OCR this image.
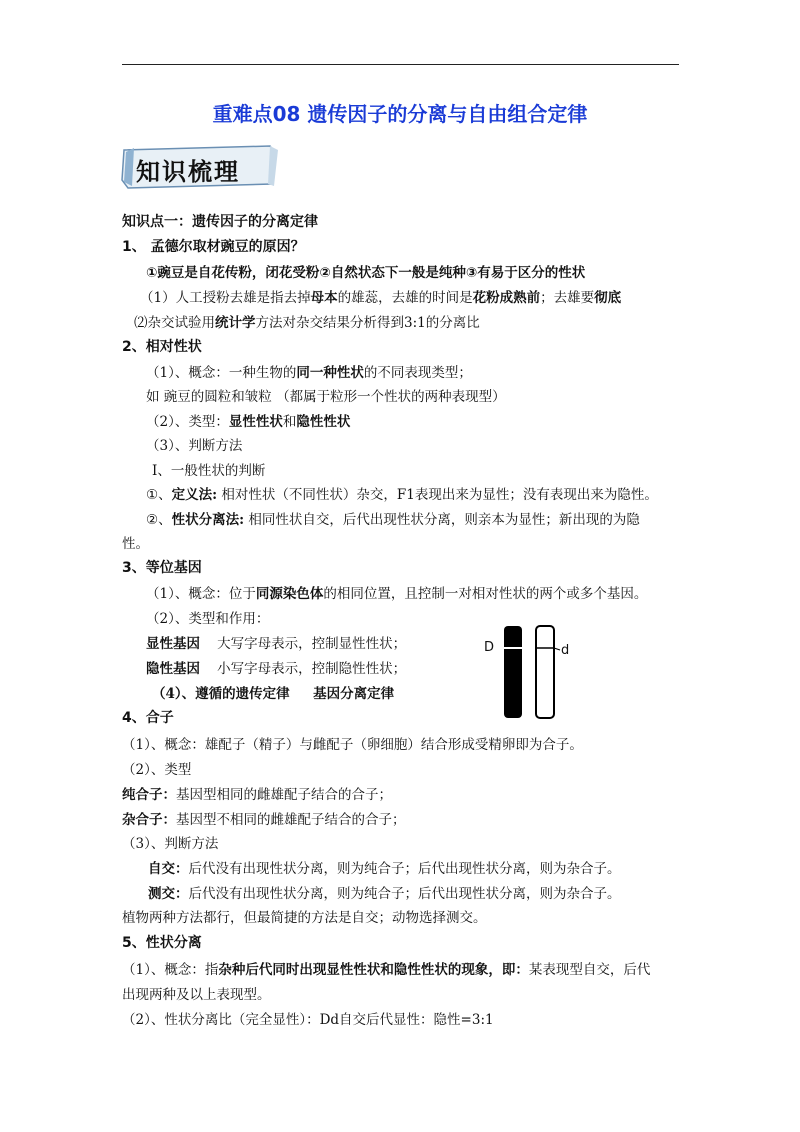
重难点08 遗传因子的分离与自由组合定律
知识梳理
知识点一：遗传因子的分离定律
1、 孟德尔取材豌豆的原因？
①豌豆是自花传粉，闭花受粉②自然状态下一般是纯种③有易于区分的性状
（1）人工授粉去雄是指去掉母本的雄蕊，去雄的时间是花粉成熟前；去雄要彻底
⑵杂交试验用统计学方法对杂交结果分析得到3:1的分离比
2、相对性状
（1）、概念：一种生物的同一种性状的不同表现类型；
如 豌豆的圆粒和皱粒 （都属于粒形一个性状的两种表现型）
（2）、类型：显性性状和隐性性状
（3）、判断方法
Ⅰ、一般性状的判断
①、定义法: 相对性状（不同性状）杂交，F1表现出来为显性；没有表现出来为隐性。
②、性状分离法: 相同性状自交，后代出现性状分离，则亲本为显性；新出现的为隐
性。
3、等位基因
（1）、概念：位于同源染色体的相同位置，且控制一对相对性状的两个或多个基因。
（2）、类型和作用：
显性基因 大写字母表示，控制显性性状；
隐性基因 小写字母表示，控制隐性性状；
（4）、遵循的遗传定律 基因分离定律
D	d
4、合子
（1）、概念：雄配子（精子）与雌配子（卵细胞）结合形成受精卵即为合子。
（2）、类型
纯合子：基因型相同的雌雄配子结合的合子；
杂合子：基因型不相同的雌雄配子结合的合子；
（3）、判断方法
自交：后代没有出现性状分离，则为纯合子；后代出现性状分离，则为杂合子。
测交：后代没有出现性状分离，则为纯合子；后代出现性状分离，则为杂合子。
植物两种方法都行，但最简捷的方法是自交；动物选择测交。
5、性状分离
（1）、概念：指杂种后代同时出现显性性状和隐性性状的现象，即：某表现型自交，后代
出现两种及以上表现型。
（2）、性状分离比（完全显性）：Dd自交后代显性：隐性=3:1
